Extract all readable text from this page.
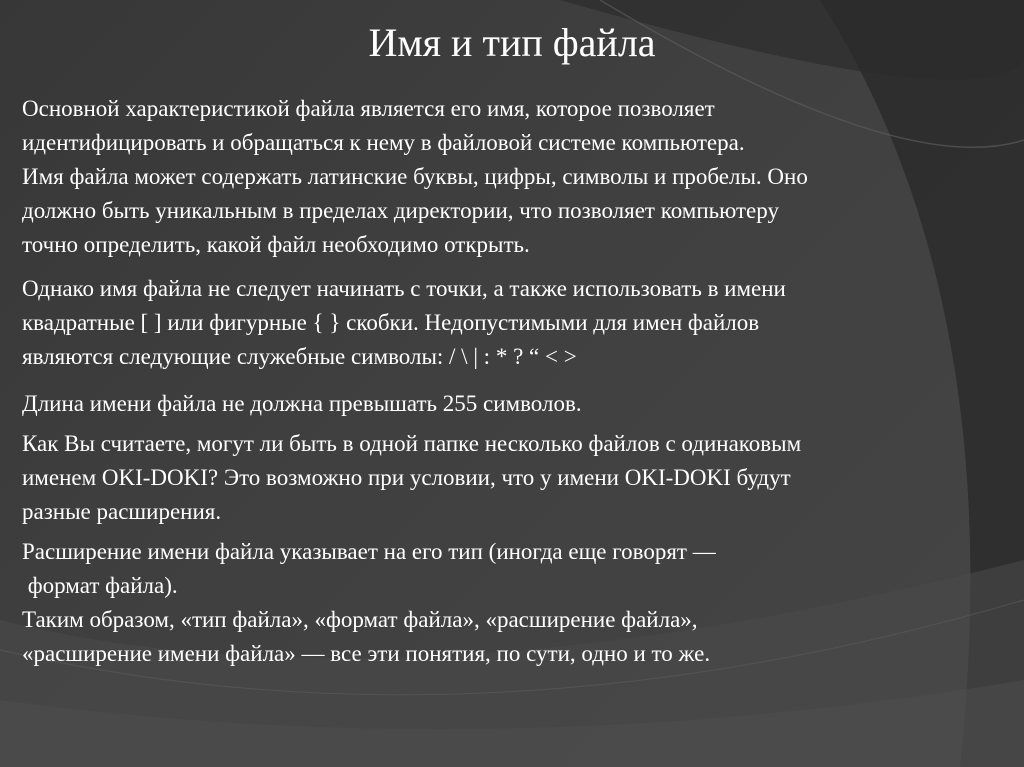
Имя и тип файла

Основной характеристикой файла является его имя, которое позволяет
идентифицировать и обращаться к нему в файловой системе компьютера.
Имя файла может содержать латинские буквы, цифры, символы и пробелы. Оно
должно быть уникальным в пределах директории, что позволяет компьютеру
точно определить, какой файл необходимо открыть.

Однако имя файла не следует начинать с точки, а также использовать в имени
квадратные [ ] или фигурные { } скобки. Недопустимыми для имен файлов
являются следующие служебные символы: / \ | : * ? “ < >

Длина имени файла не должна превышать 255 символов.

Как Вы считаете, могут ли быть в одной папке несколько файлов с одинаковым
именем OKI-DOKI? Это возможно при условии, что у имени OKI-DOKI будут
разные расширения.

Расширение имени файла указывает на его тип (иногда еще говорят —
формат файла).
Таким образом, «тип файла», «формат файла», «расширение файла»,
«расширение имени файла» — все эти понятия, по сути, одно и то же.
